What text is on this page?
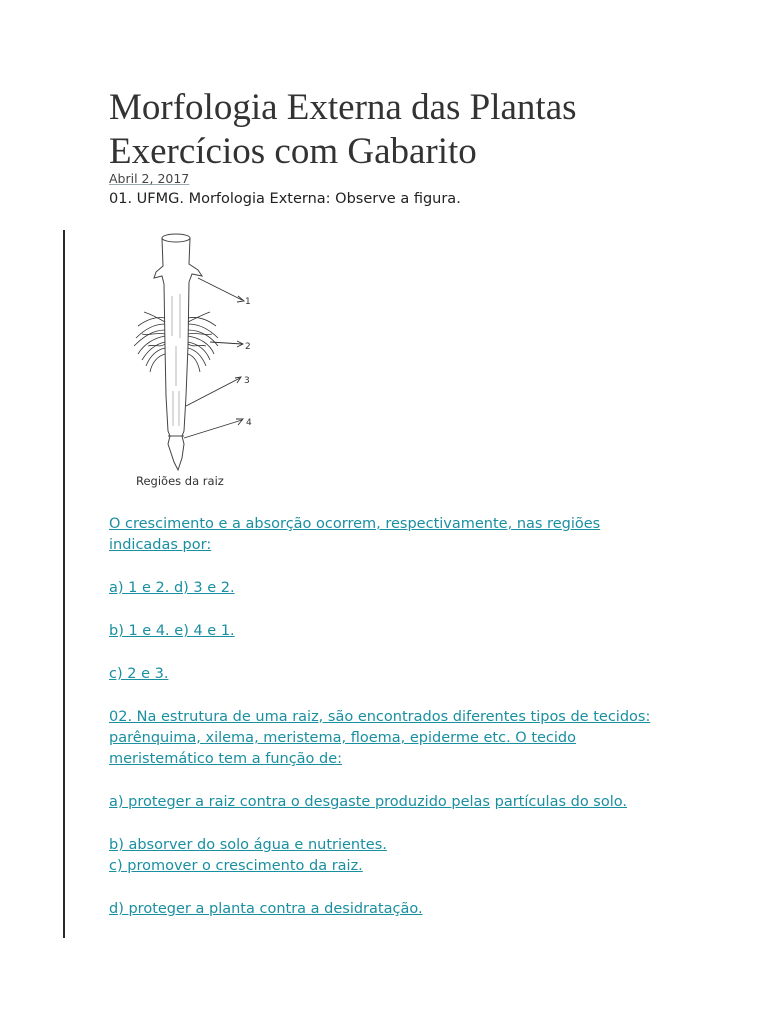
Morfologia Externa das Plantas
Exercícios com Gabarito
Abril 2, 2017
01. UFMG. Morfologia Externa: Observe a figura.
1
2
3
4
Regiões da raiz
O crescimento e a absorção ocorrem, respectivamente, nas regiões
indicadas por:
a) 1 e 2. d) 3 e 2.
b) 1 e 4. e) 4 e 1.
c) 2 e 3.
02. Na estrutura de uma raiz, são encontrados diferentes tipos de tecidos:
parênquima, xilema, meristema, floema, epiderme etc. O tecido
meristemático tem a função de:
a) proteger a raiz contra o desgaste produzido pelas partículas do solo.
b) absorver do solo água e nutrientes.
c) promover o crescimento da raiz.
d) proteger a planta contra a desidratação.
